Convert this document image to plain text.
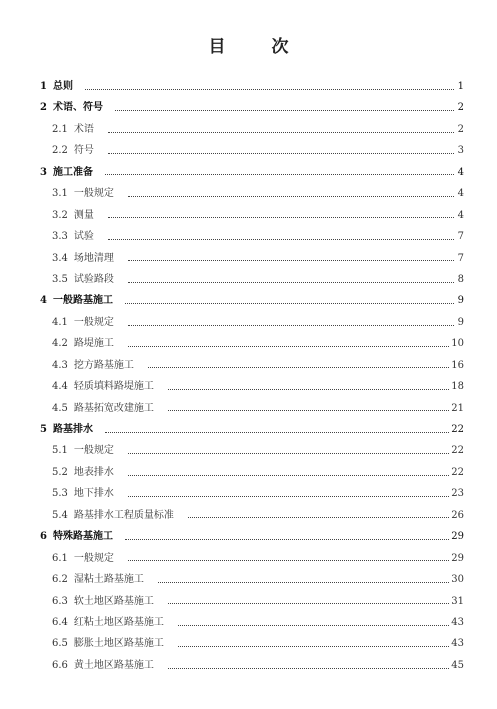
目	次
1 总则	1
2 术语、符号	2
2.1 术语	2
2.2 符号	3
3 施工准备	4
3.1 一般规定	4
3.2 测量	4
3.3 试验	7
3.4 场地清理	7
3.5 试验路段	8
4 一般路基施工	9
4.1 一般规定	9
4.2 路堤施工	10
4.3 挖方路基施工	16
4.4 轻质填料路堤施工	18
4.5 路基拓宽改建施工	21
5 路基排水	22
5.1 一般规定	22
5.2 地表排水	22
5.3 地下排水	23
5.4 路基排水工程质量标准	26
6 特殊路基施工	29
6.1 一般规定	29
6.2 湿粘土路基施工	30
6.3 软土地区路基施工	31
6.4 红粘土地区路基施工	43
6.5 膨胀土地区路基施工	43
6.6 黄土地区路基施工	45
